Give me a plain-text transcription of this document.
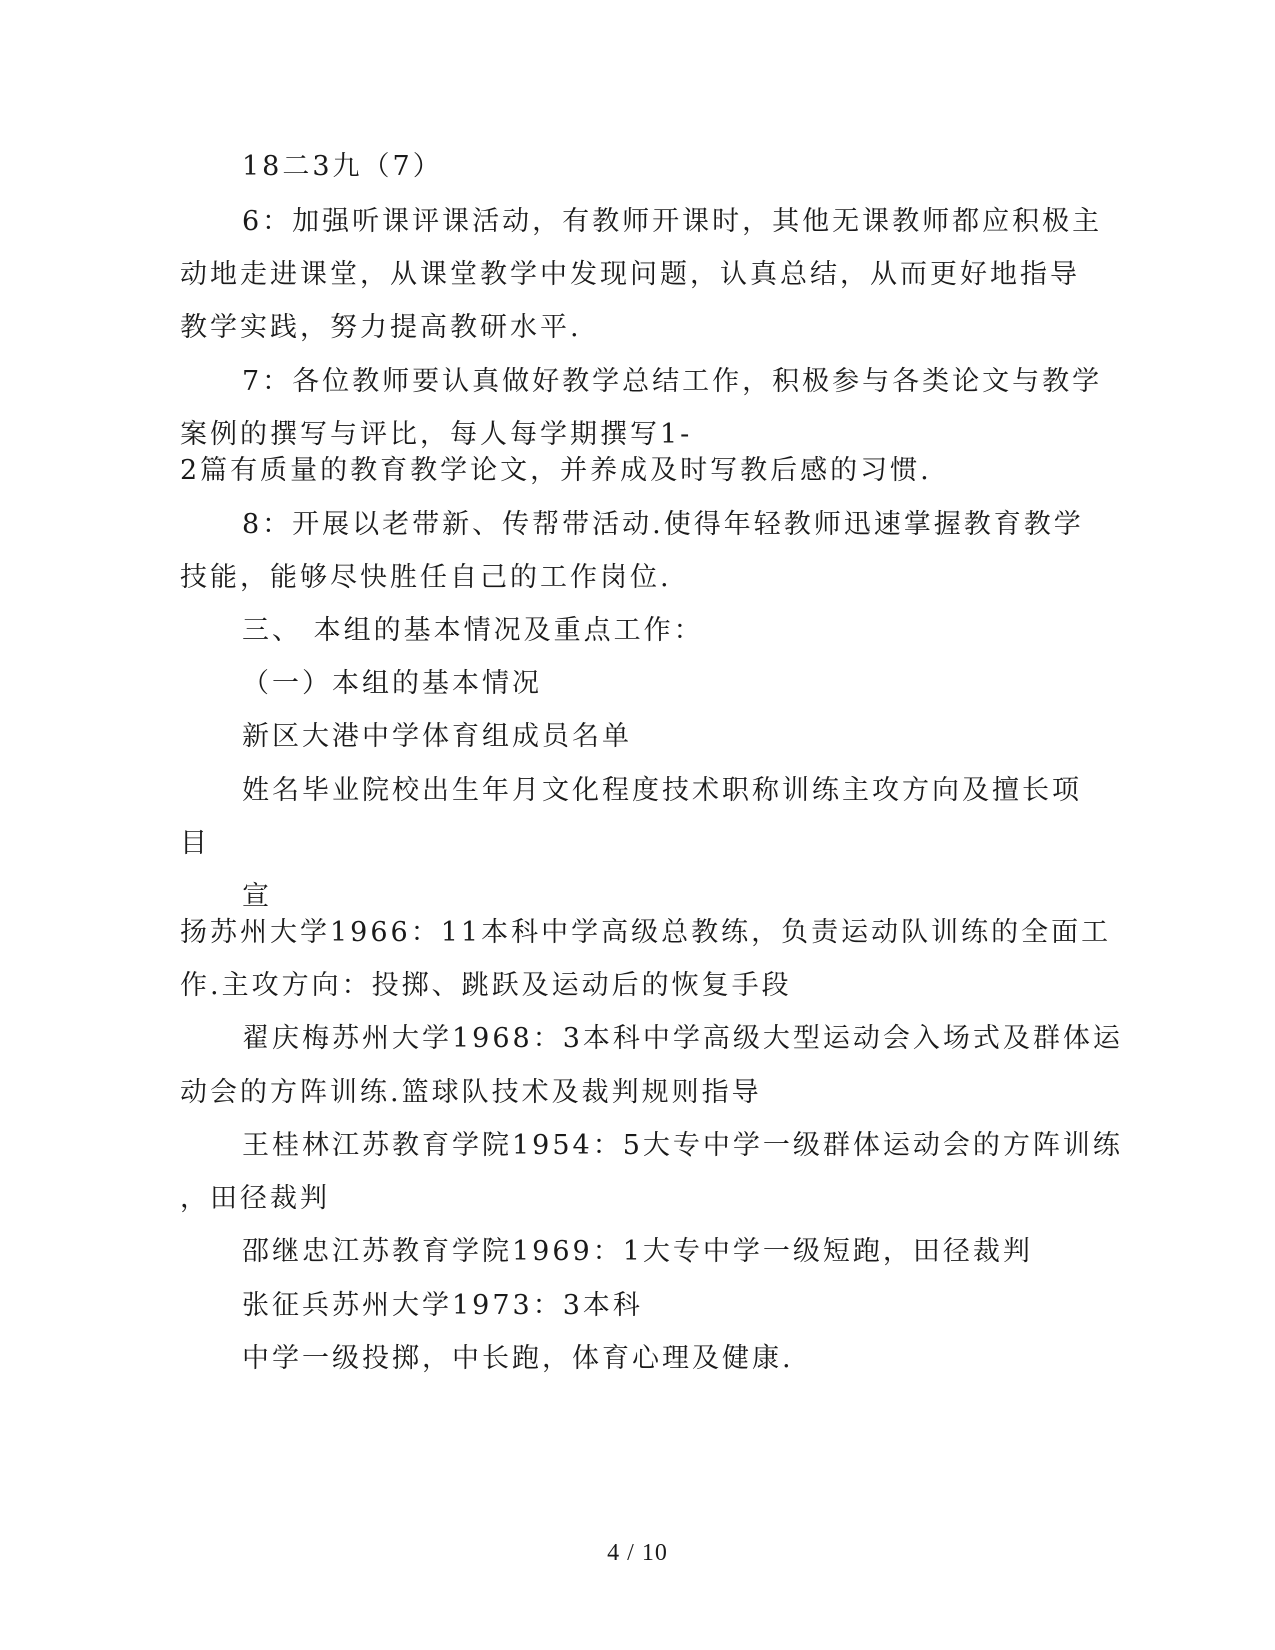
18二3九（7）
6：加强听课评课活动，有教师开课时，其他无课教师都应积极主
动地走进课堂，从课堂教学中发现问题，认真总结，从而更好地指导
教学实践，努力提高教研水平.
7：各位教师要认真做好教学总结工作，积极参与各类论文与教学
案例的撰写与评比，每人每学期撰写1-
2篇有质量的教育教学论文，并养成及时写教后感的习惯.
8：开展以老带新、传帮带活动.使得年轻教师迅速掌握教育教学
技能，能够尽快胜任自己的工作岗位.
三、 本组的基本情况及重点工作：
（一）本组的基本情况
新区大港中学体育组成员名单
姓名毕业院校出生年月文化程度技术职称训练主攻方向及擅长项
目
宣
扬苏州大学1966：11本科中学高级总教练，负责运动队训练的全面工
作.主攻方向：投掷、跳跃及运动后的恢复手段
翟庆梅苏州大学1968：3本科中学高级大型运动会入场式及群体运
动会的方阵训练.篮球队技术及裁判规则指导
王桂林江苏教育学院1954：5大专中学一级群体运动会的方阵训练
，田径裁判
邵继忠江苏教育学院1969：1大专中学一级短跑，田径裁判
张征兵苏州大学1973：3本科
中学一级投掷，中长跑，体育心理及健康.
4 / 10
